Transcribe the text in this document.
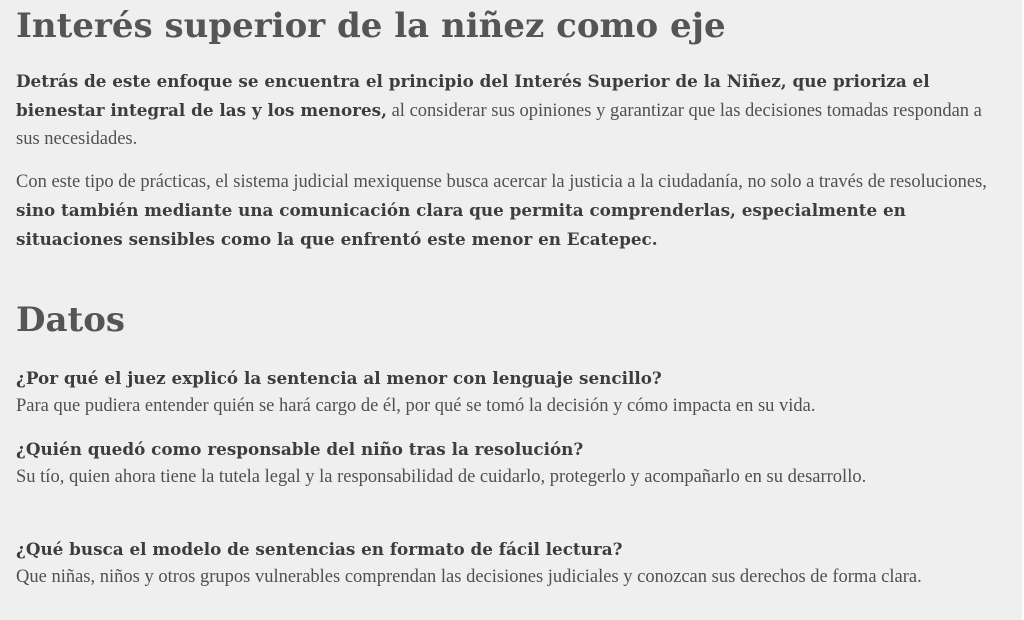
Interés superior de la niñez como eje

Detrás de este enfoque se encuentra el principio del Interés Superior de la Niñez, que prioriza el bienestar integral de las y los menores, al considerar sus opiniones y garantizar que las decisiones tomadas respondan a sus necesidades.

Con este tipo de prácticas, el sistema judicial mexiquense busca acercar la justicia a la ciudadanía, no solo a través de resoluciones, sino también mediante una comunicación clara que permita comprenderlas, especialmente en situaciones sensibles como la que enfrentó este menor en Ecatepec.

Datos
¿Por qué el juez explicó la sentencia al menor con lenguaje sencillo?
Para que pudiera entender quién se hará cargo de él, por qué se tomó la decisión y cómo impacta en su vida.
¿Quién quedó como responsable del niño tras la resolución?
Su tío, quien ahora tiene la tutela legal y la responsabilidad de cuidarlo, protegerlo y acompañarlo en su desarrollo.
¿Qué busca el modelo de sentencias en formato de fácil lectura?
Que niñas, niños y otros grupos vulnerables comprendan las decisiones judiciales y conozcan sus derechos de forma clara.
